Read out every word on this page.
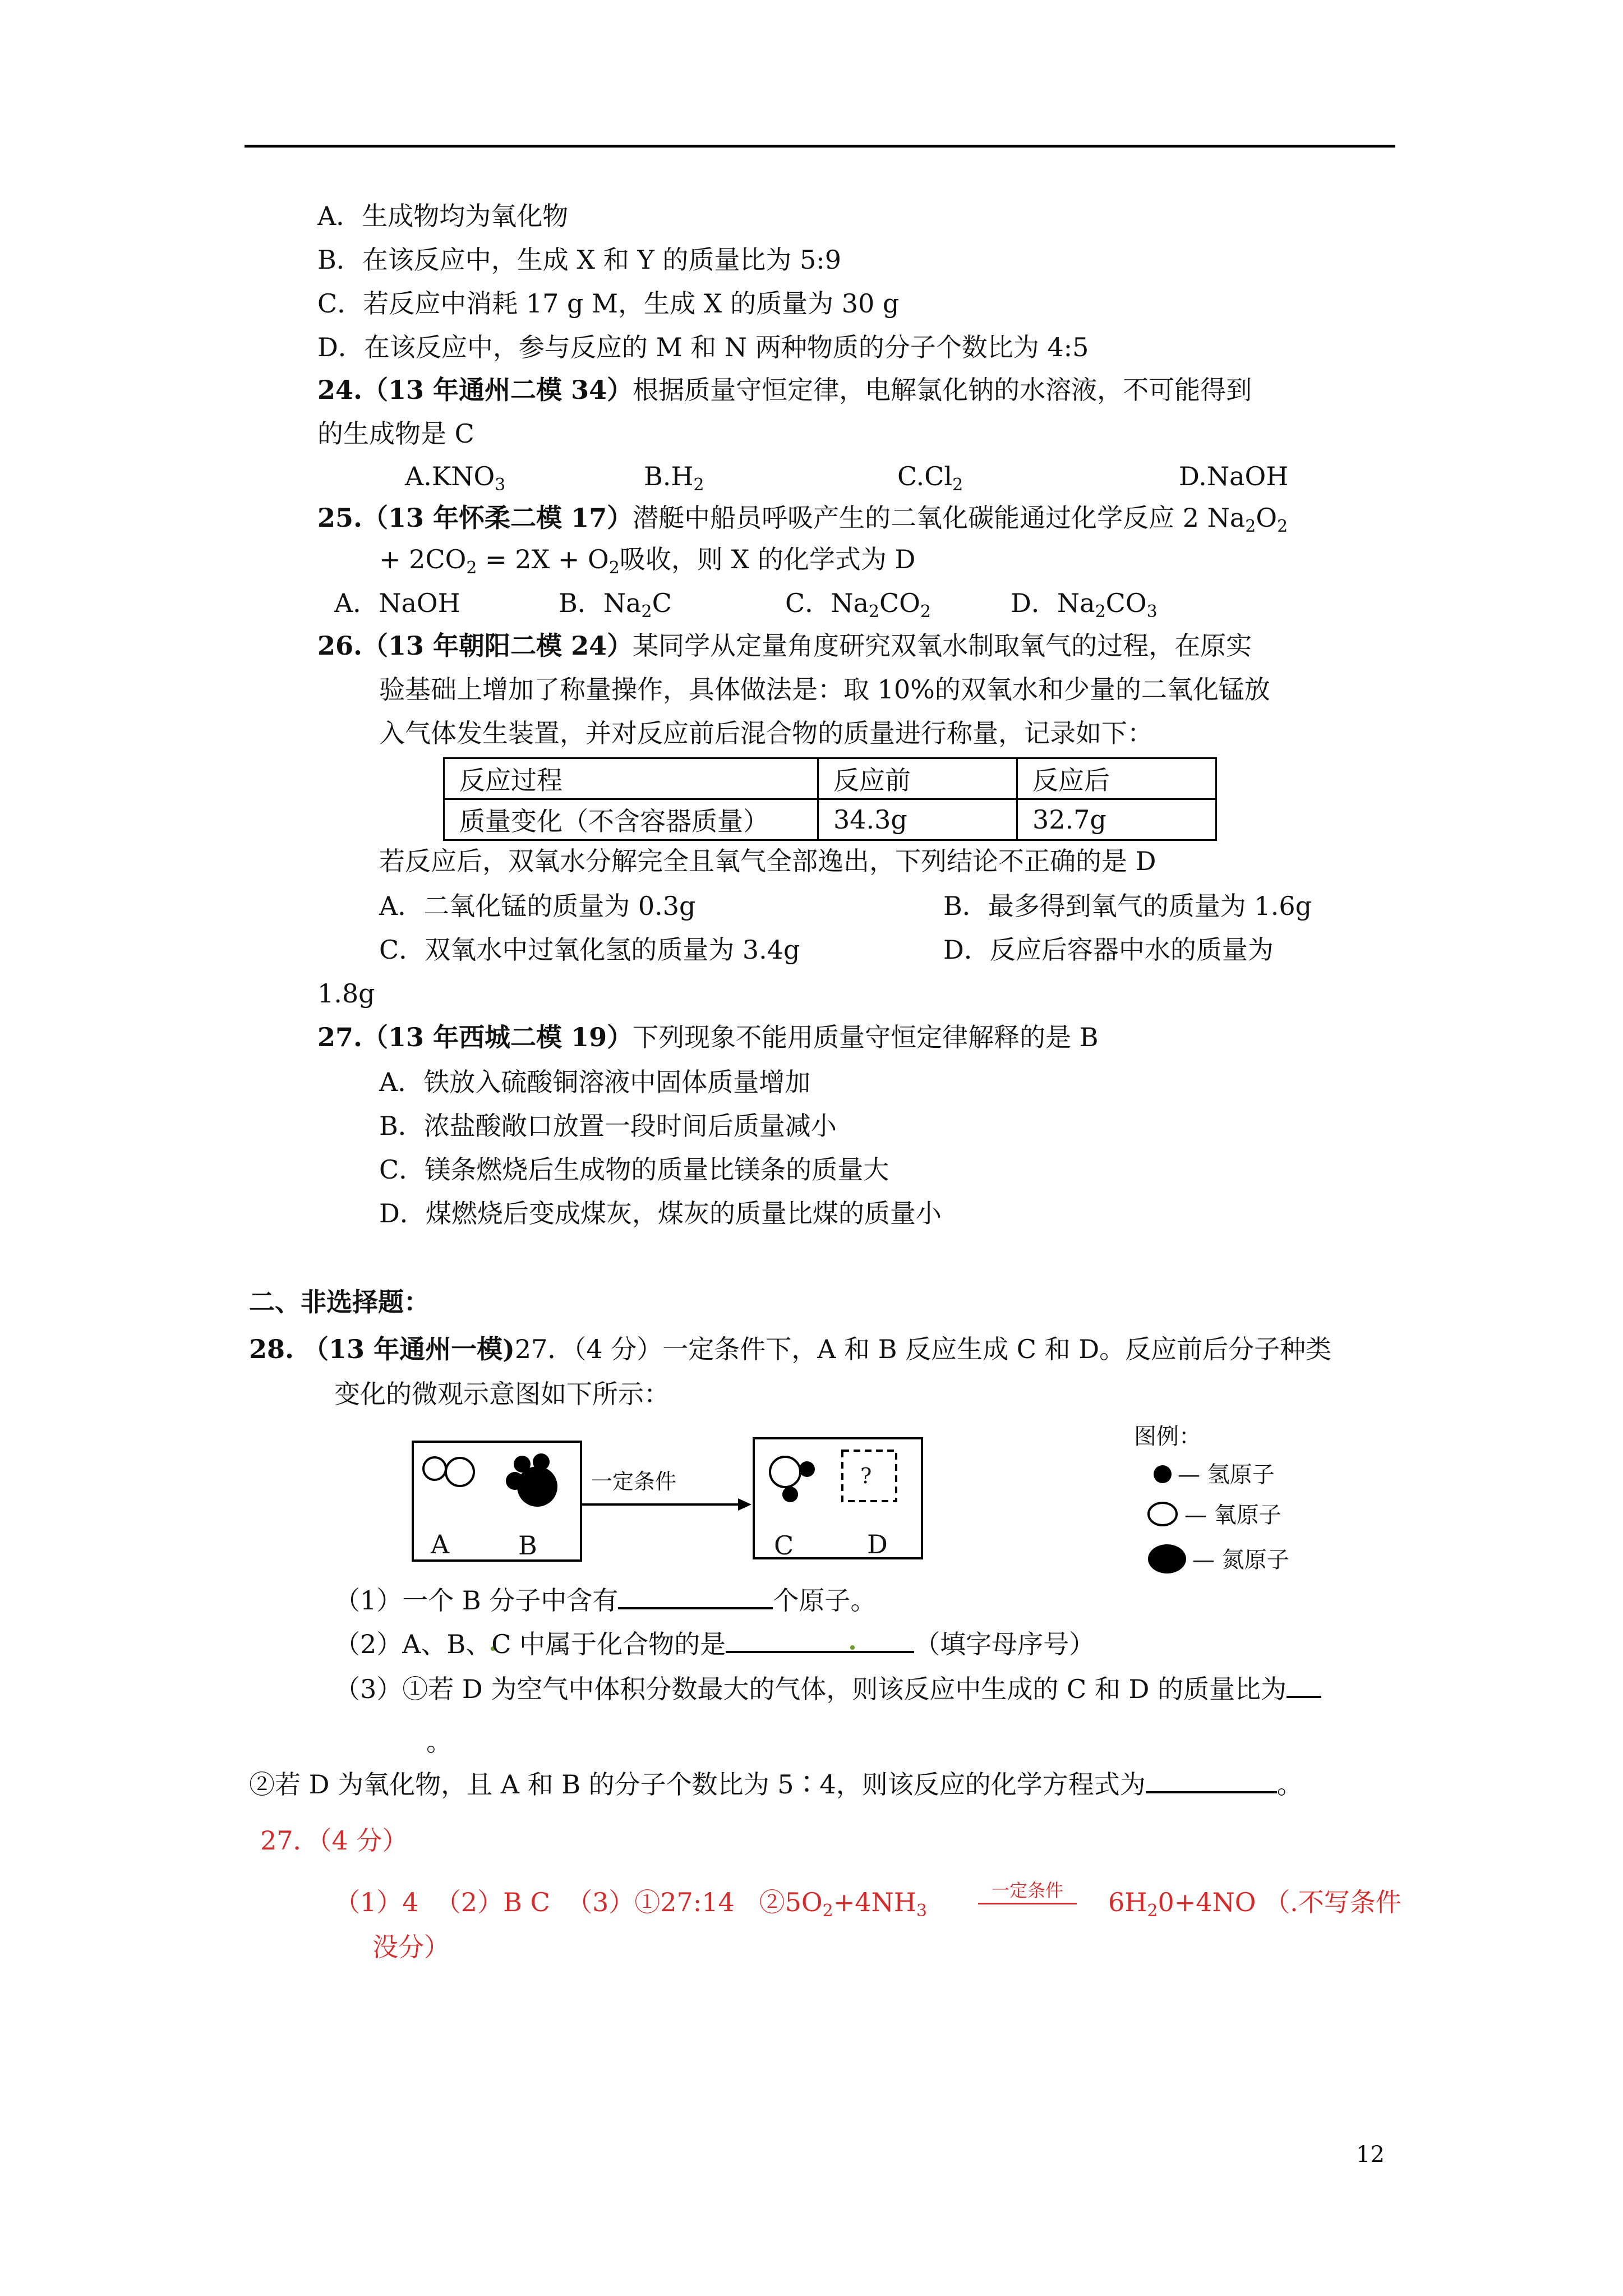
A．生成物均为氧化物
B．在该反应中，生成 X 和 Y 的质量比为 5:9
C．若反应中消耗 17 g M，生成 X 的质量为 30 g
D．在该反应中，参与反应的 M 和 N 两种物质的分子个数比为 4:5
24.（13 年通州二模 34）根据质量守恒定律，电解氯化钠的水溶液，不可能得到
的生成物是 C
$A.KNO_3$	$B.H_2$	$C.Cl_2$	D.NaOH
25.（13 年怀柔二模 17）潜艇中船员呼吸产生的二氧化碳能通过化学反应 2 $Na_2O_2$
+ $2CO_2 = 2X + O_2$吸收，则 X 的化学式为 D
A．NaOH	B．$Na_2C$	C．$Na_2CO_2$	D．$Na_2CO_3$
26.（13 年朝阳二模 24）某同学从定量角度研究双氧水制取氧气的过程，在原实
验基础上增加了称量操作，具体做法是：取 10%的双氧水和少量的二氧化锰放
入气体发生装置，并对反应前后混合物的质量进行称量，记录如下：
反应过程	反应前	反应后
质量变化（不含容器质量）	34.3g	32.7g
若反应后，双氧水分解完全且氧气全部逸出，下列结论不正确的是 D
A．二氧化锰的质量为 0.3g	B．最多得到氧气的质量为 1.6g
C．双氧水中过氧化氢的质量为 3.4g	D．反应后容器中水的质量为
1.8g
27.（13 年西城二模 19）下列现象不能用质量守恒定律解释的是 B
A．铁放入硫酸铜溶液中固体质量增加
B．浓盐酸敞口放置一段时间后质量减小
C．镁条燃烧后生成物的质量比镁条的质量大
D．煤燃烧后变成煤灰，煤灰的质量比煤的质量小
二、非选择题：
28. （13 年通州一模)27．（4 分）一定条件下，A 和 B 反应生成 C 和 D。反应前后分子种类
变化的微观示意图如下所示：
A	B	C	D
?
一定条件
图例：
— 氢原子
— 氧原子
— 氮原子
（1）一个 B 分子中含有	个原子。
（2）A、B、C 中属于化合物的是	（填字母序号）
（3）①若 D 为空气中体积分数最大的气体，则该反应中生成的 C 和 D 的质量比为
。
②若 D 为氧化物，且 A 和 B 的分子个数比为 5∶4，则该反应的化学方程式为	。
27．（4 分）
（1）4 （2）B C （3）①27:14 $②5O_2+4NH_3$
一定条件	$6H_20+4NO$ （.不写条件
没分）
12
